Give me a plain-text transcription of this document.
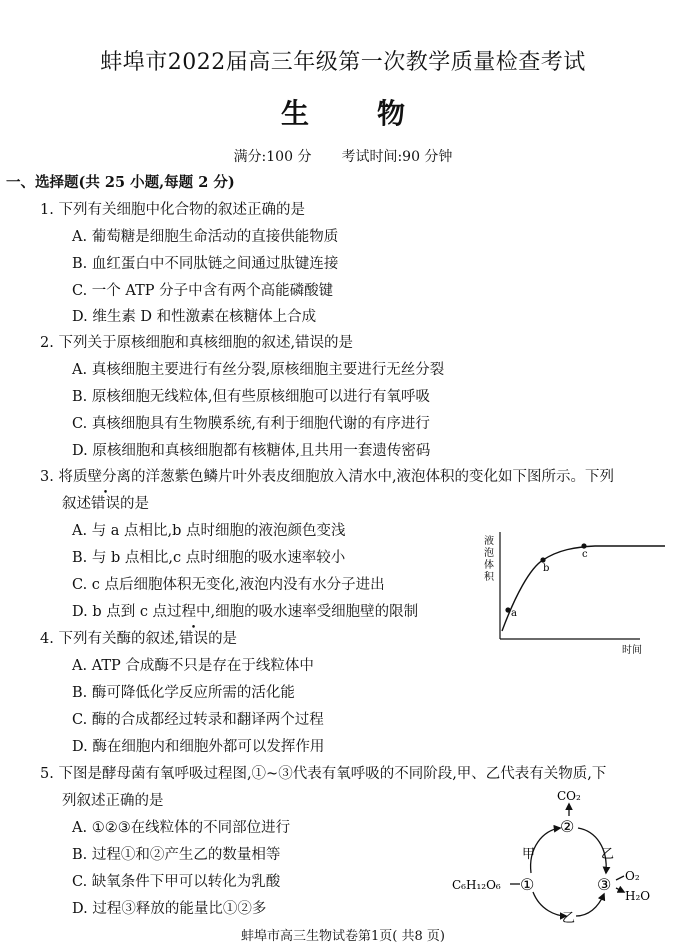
蚌埠市2022届高三年级第一次教学质量检查考试
生 物
满分:100 分 考试时间:90 分钟
一、选择题(共 25 小题,每题 2 分)
1. 下列有关细胞中化合物的叙述正确的是
A. 葡萄糖是细胞生命活动的直接供能物质
B. 血红蛋白中不同肽链之间通过肽键连接
C. 一个 ATP 分子中含有两个高能磷酸键
D. 维生素 D 和性激素在核糖体上合成
2. 下列关于原核细胞和真核细胞的叙述,错误的是
A. 真核细胞主要进行有丝分裂,原核细胞主要进行无丝分裂
B. 原核细胞无线粒体,但有些原核细胞可以进行有氧呼吸
C. 真核细胞具有生物膜系统,有利于细胞代谢的有序进行
D. 原核细胞和真核细胞都有核糖体,且共用一套遗传密码
3. 将质壁分离的洋葱紫色鳞片叶外表皮细胞放入清水中,液泡体积的变化如下图所示。下列
叙述错误的是
A. 与 a 点相比,b 点时细胞的液泡颜色变浅
B. 与 b 点相比,c 点时细胞的吸水速率较小
C. c 点后细胞体积无变化,液泡内没有水分子进出
D. b 点到 c 点过程中,细胞的吸水速率受细胞壁的限制
液
泡
体
积
a
b
c
时间
4. 下列有关酶的叙述,错误的是
A. ATP 合成酶不只是存在于线粒体中
B. 酶可降低化学反应所需的活化能
C. 酶的合成都经过转录和翻译两个过程
D. 酶在细胞内和细胞外都可以发挥作用
5. 下图是酵母菌有氧呼吸过程图,①~③代表有氧呼吸的不同阶段,甲、乙代表有关物质,下
列叙述正确的是
A. ①②③在线粒体的不同部位进行
B. 过程①和②产生乙的数量相等
C. 缺氧条件下甲可以转化为乳酸
D. 过程③释放的能量比①②多
CO₂
②
甲	乙
C₆H₁₂O₆ ①	③ O₂
H₂O
乙
蚌埠市高三生物试卷第1页( 共8 页)
